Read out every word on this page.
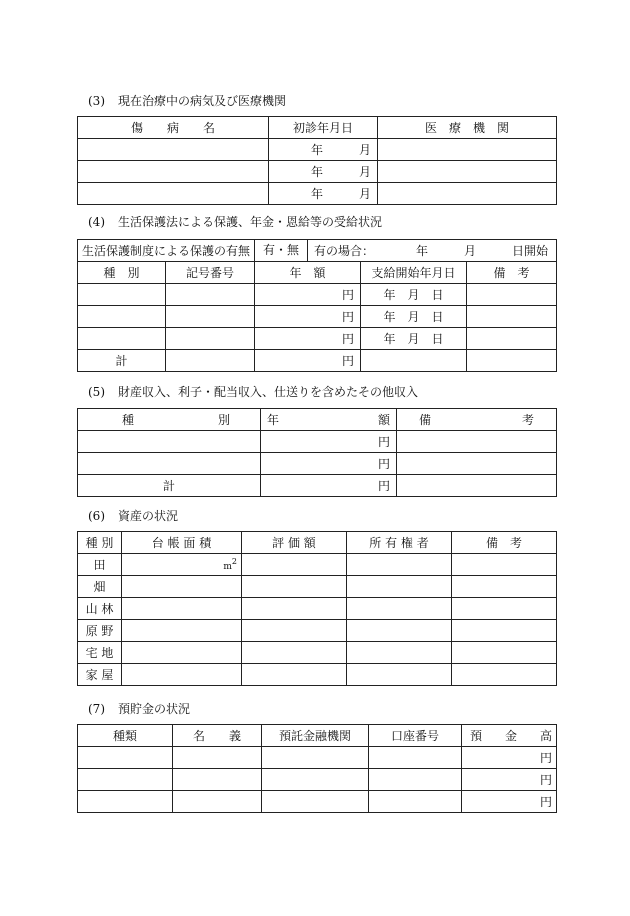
(3) 現在治療中の病気及び医療機関
傷　　病　　名	初診年月日	医　療　機　関
	年　　　月	
	年　　　月	
	年　　　月	
(4) 生活保護法による保護、年金・恩給等の受給状況
生活保護制度による保護の有無		有・無 有の場合： 年　　　月　　　日開始		

種　別	記号番号	年　額	支給開始年月日	備　考
		円	年　月　日	
		円	年　月　日	
		円	年　月　日	
計		円		
(5) 財産収入、利子・配当収入、仕送りを含めたその他収入
種 別	年 額	備 考

	円	
	円	
計	円	
(6) 資産の状況
種 別	台 帳 面 積	評 価 額	所 有 権 者	備　考
田	$m^2$			
畑				
山 林				
原 野				
宅 地				
家 屋				
(7) 預貯金の状況
種類	名　　義	預託金融機関	口座番号	預 金 高

				円
				円
				円
